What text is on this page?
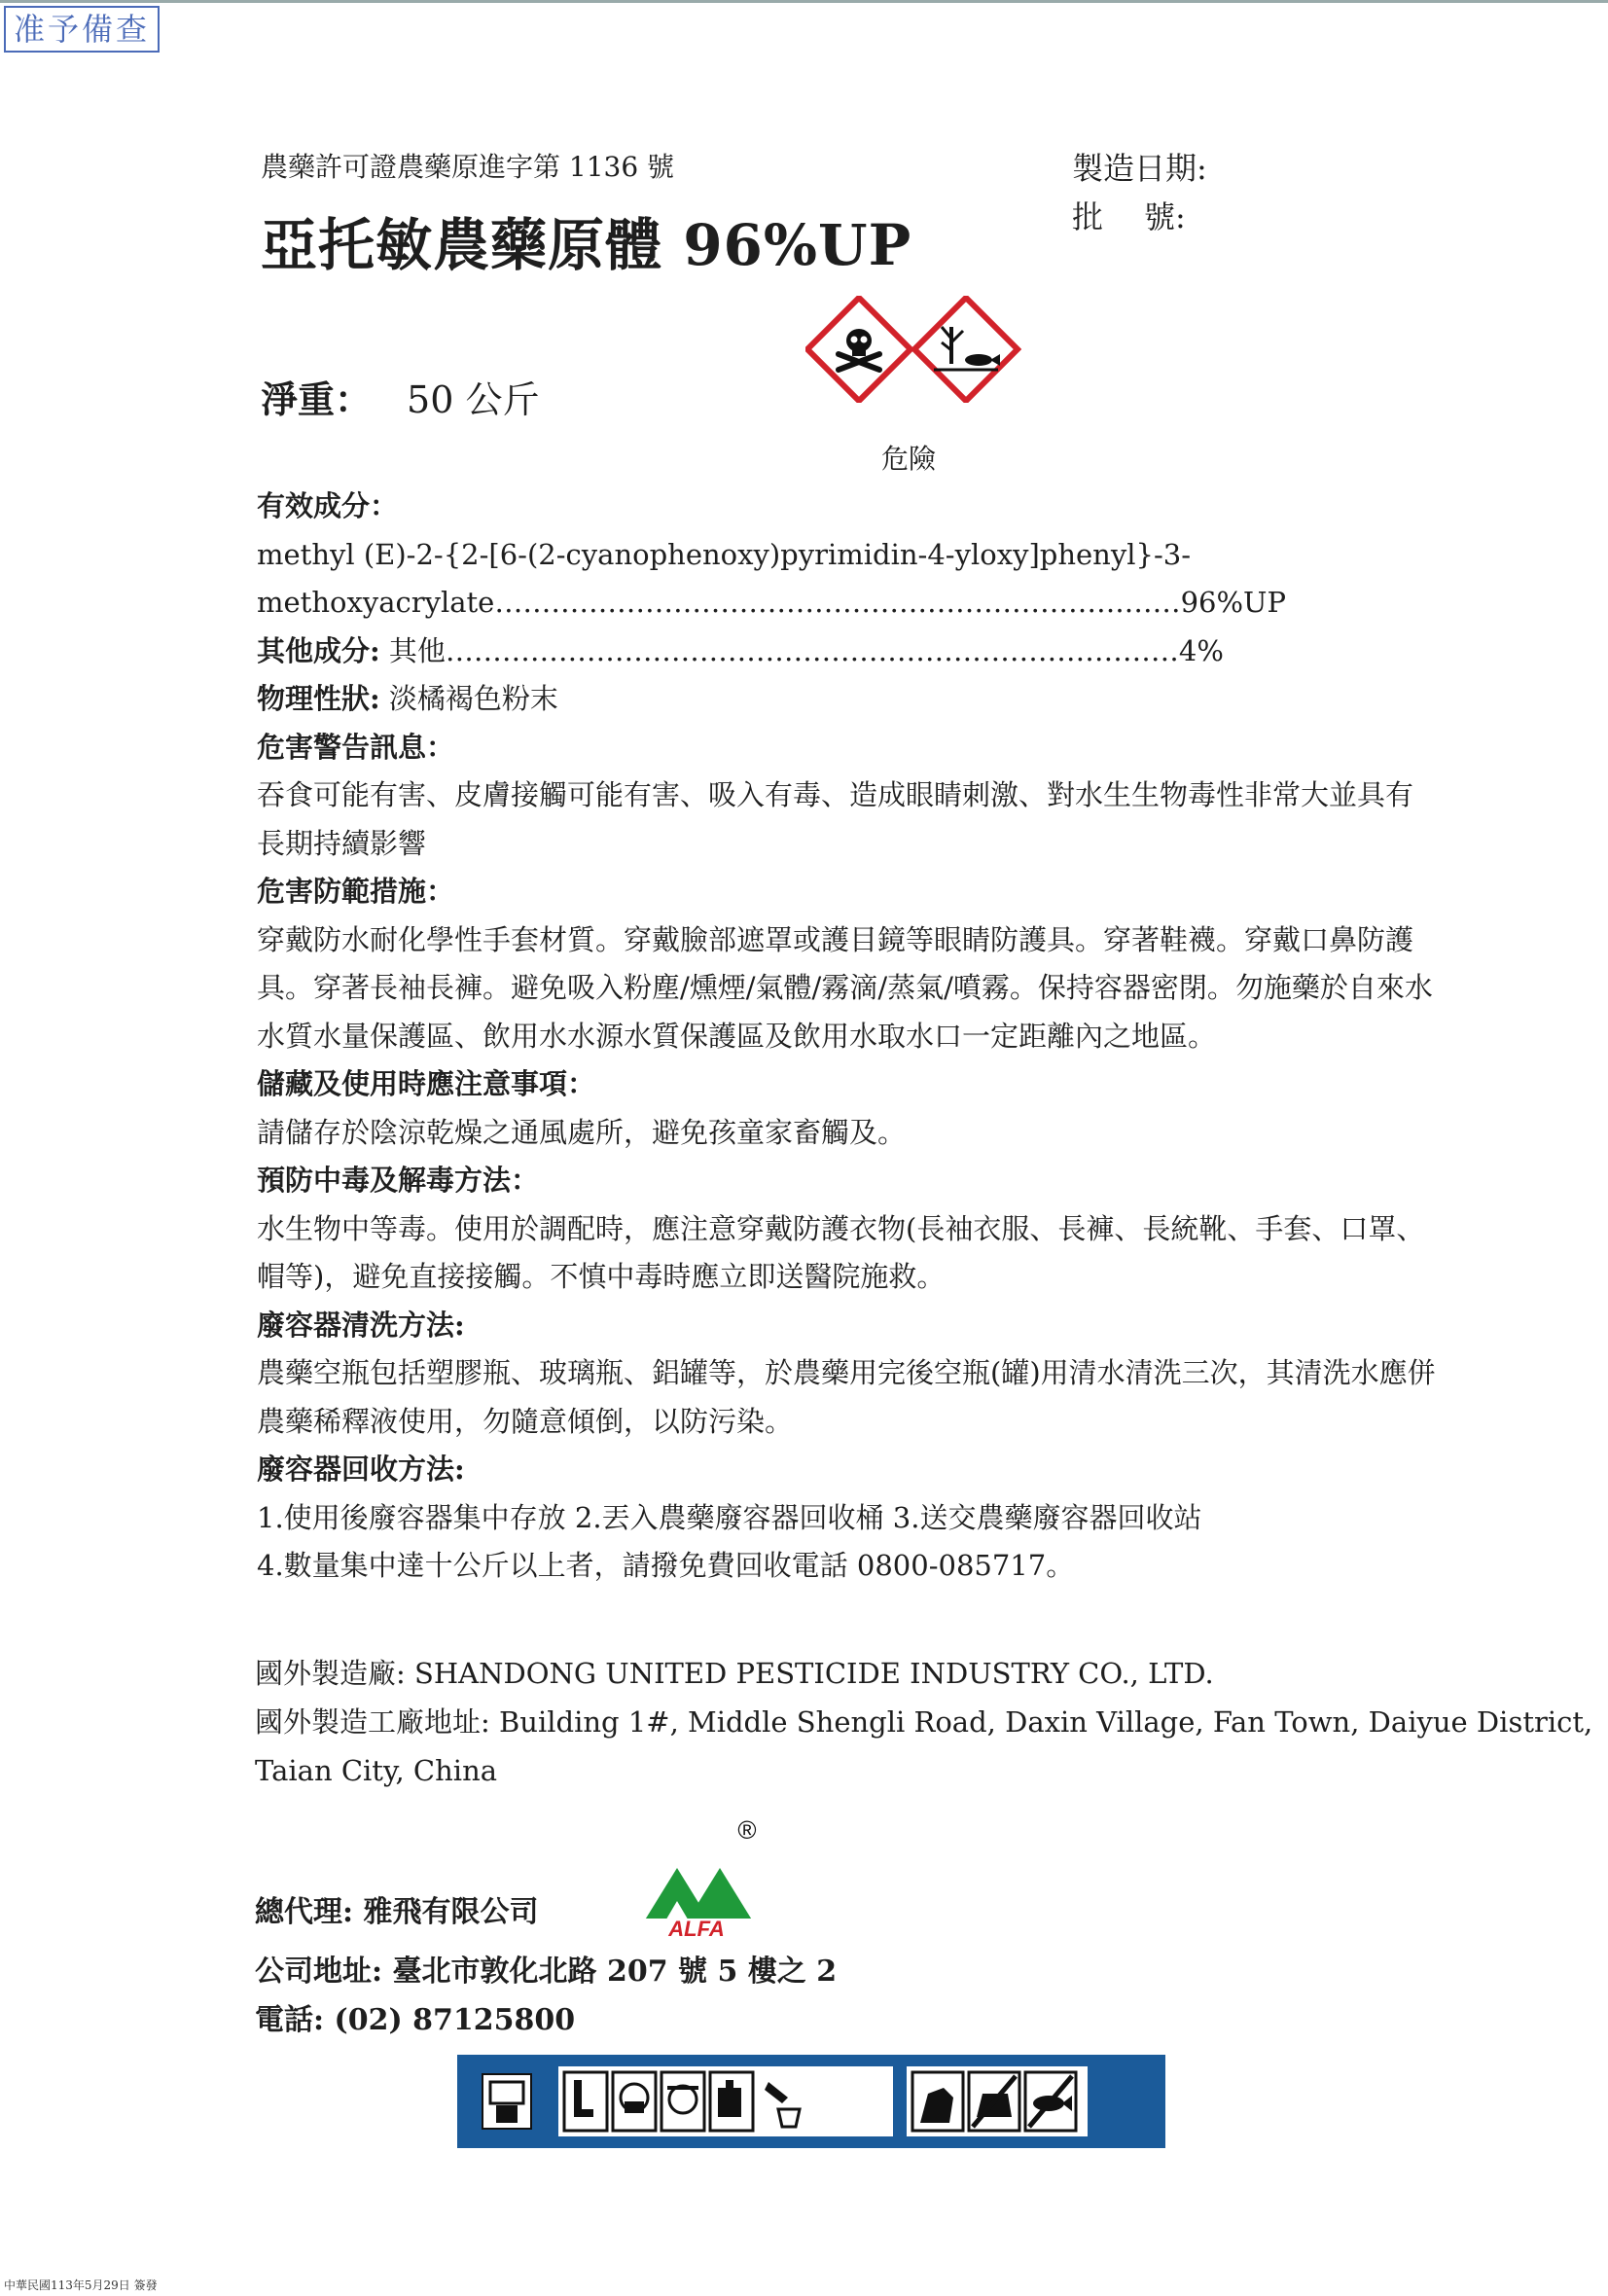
准予備查
農藥許可證農藥原進字第 1136 號
亞托敏農藥原體 96%UP
製造日期:
批號:
淨重： 50 公斤
危險
有效成分：
methyl (E)-2-{2-[6-(2-cyanophenoxy)pyrimidin-4-yloxy]phenyl}-3-
methoxyacrylate………………………………………………………….……96%UP
其他成分: 其他……………………………………………………………………4%
物理性狀: 淡橘褐色粉末
危害警告訊息：
吞食可能有害、皮膚接觸可能有害、吸入有毒、造成眼睛刺激、對水生生物毒性非常大並具有
長期持續影響
危害防範措施：
穿戴防水耐化學性手套材質。穿戴臉部遮罩或護目鏡等眼睛防護具。穿著鞋襪。穿戴口鼻防護
具。穿著長袖長褲。避免吸入粉塵/燻煙/氣體/霧滴/蒸氣/噴霧。保持容器密閉。勿施藥於自來水
水質水量保護區、飲用水水源水質保護區及飲用水取水口一定距離內之地區。
儲藏及使用時應注意事項：
請儲存於陰涼乾燥之通風處所，避免孩童家畜觸及。
預防中毒及解毒方法：
水生物中等毒。使用於調配時，應注意穿戴防護衣物(長袖衣服、長褲、長統靴、手套、口罩、
帽等)，避免直接接觸。不慎中毒時應立即送醫院施救。
廢容器清洗方法:
農藥空瓶包括塑膠瓶、玻璃瓶、鋁罐等，於農藥用完後空瓶(罐)用清水清洗三次，其清洗水應併
農藥稀釋液使用，勿隨意傾倒，以防污染。
廢容器回收方法:
1.使用後廢容器集中存放 2.丟入農藥廢容器回收桶 3.送交農藥廢容器回收站
4.數量集中達十公斤以上者，請撥免費回收電話 0800-085717。
國外製造廠: SHANDONG UNITED PESTICIDE INDUSTRY CO., LTD.
國外製造工廠地址: Building 1#, Middle Shengli Road, Daxin Village, Fan Town, Daiyue District,
Taian City, China
ALFA
®
總代理: 雅飛有限公司
公司地址: 臺北市敦化北路 207 號 5 樓之 2
電話: (02) 87125800
中華民國113年5月29日 簽發
